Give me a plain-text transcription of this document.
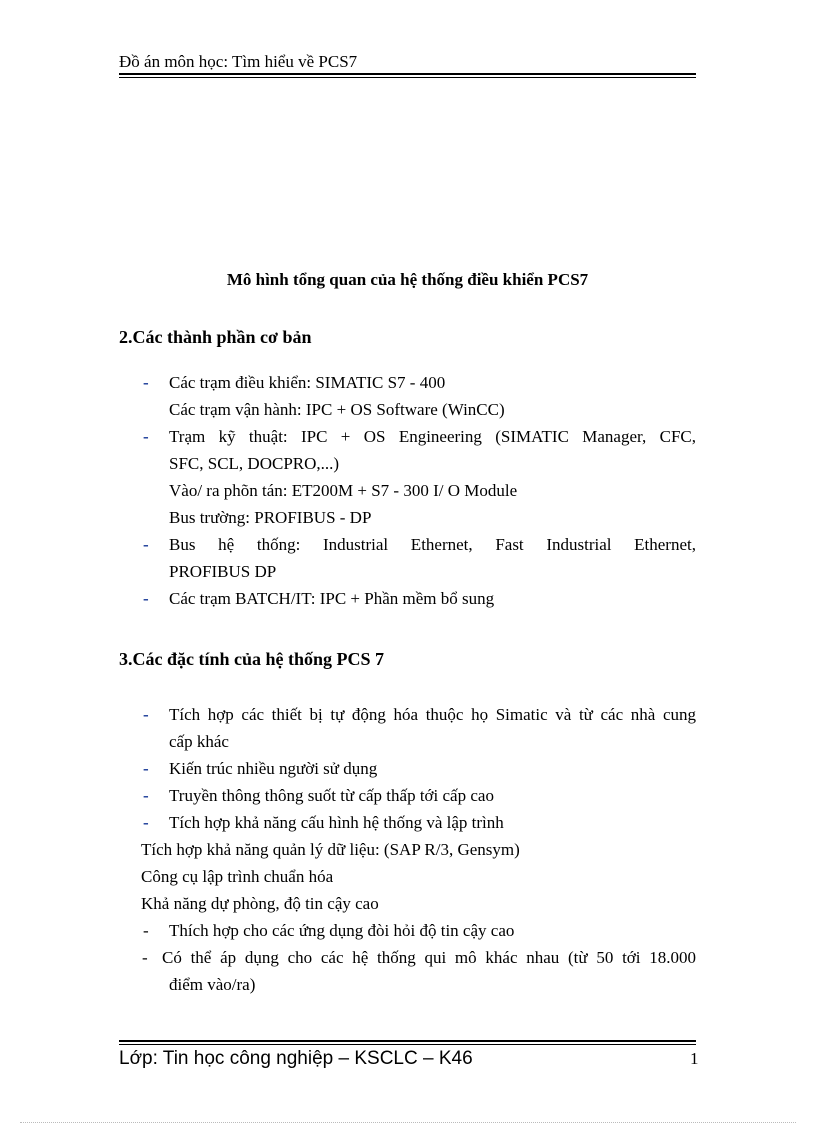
Đồ án môn học: Tìm hiểu về PCS7
Mô hình tổng quan của hệ thống điều khiển PCS7
2.Các thành phần cơ bản
-	Các trạm điều khiển: SIMATIC S7 - 400
Các trạm vận hành: IPC + OS Software (WinCC)
-	Trạm kỹ thuật: IPC + OS Engineering (SIMATIC Manager, CFC,
SFC, SCL, DOCPRO,...)
Vào/ ra phõn tán: ET200M + S7 - 300 I/ O Module
Bus trường: PROFIBUS - DP
-	Bus hệ thống: Industrial Ethernet, Fast Industrial Ethernet,
PROFIBUS DP
-	Các trạm BATCH/IT: IPC + Phần mềm bổ sung
3.Các đặc tính của hệ thống PCS 7
-	Tích hợp các thiết bị tự động hóa thuộc họ Simatic và từ các nhà cung
cấp khác
-	Kiến trúc nhiều người sử dụng
-	Truyền thông thông suốt từ cấp thấp tới cấp cao
-	Tích hợp khả năng cấu hình hệ thống và lập trình
Tích hợp khả năng quản lý dữ liệu: (SAP R/3, Gensym)
Công cụ lập trình chuẩn hóa
Khả năng dự phòng, độ tin cậy cao
-	Thích hợp cho các ứng dụng đòi hỏi độ tin cậy cao
- Có thể áp dụng cho các hệ thống qui mô khác nhau (từ 50 tới 18.000
điểm vào/ra)
Lớp: Tin học công nghiệp – KSCLC – K46	1
